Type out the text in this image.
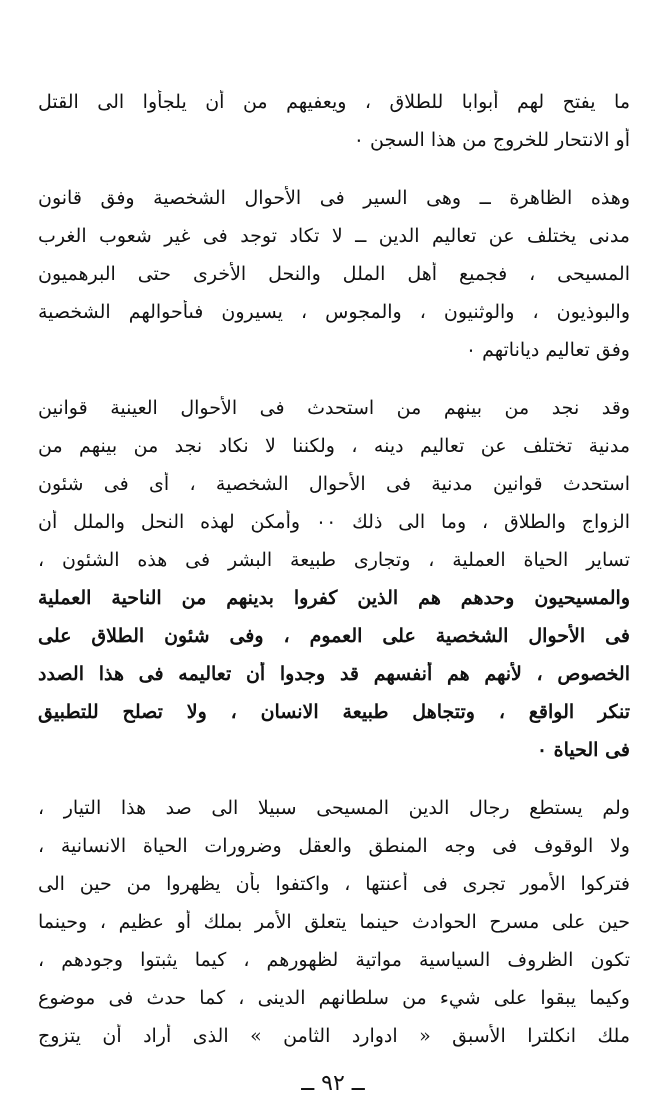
ما يفتح لهم أبوابا للطلاق ، ويعفيهم من أن يلجأوا الى القتل
أو الانتحار للخروج من هذا السجن ٠
وهذه الظاهرة ــ وهى السير فى الأحوال الشخصية وفق قانون
مدنى يختلف عن تعاليم الدين ــ لا تكاد توجد فى غير شعوب الغرب
المسيحى ، فجميع أهل الملل والنحل الأخرى حتى البرهميون
والبوذيون ، والوثنيون ، والمجوس ، يسيرون فىأحوالهم الشخصية
وفق تعاليم دياناتهم ٠
وقد نجد من بينهم من استحدث فى الأحوال العينية قوانين
مدنية تختلف عن تعاليم دينه ، ولكننا لا نكاد نجد من بينهم من
استحدث قوانين مدنية فى الأحوال الشخصية ، أى فى شئون
الزواج والطلاق ، وما الى ذلك ٠٠ وأمكن لهذه النحل والملل أن
تساير الحياة العملية ، وتجارى طبيعة البشر فى هذه الشئون ،
والمسيحيون وحدهم هم الذين كفروا بدينهم من الناحية العملية
فى الأحوال الشخصية على العموم ، وفى شئون الطلاق على
الخصوص ، لأنهم هم أنفسهم قد وجدوا أن تعاليمه فى هذا الصدد
تنكر الواقع ، وتتجاهل طبيعة الانسان ، ولا تصلح للتطبيق
فى الحياة ٠
ولم يستطع رجال الدين المسيحى سبيلا الى صد هذا التيار ،
ولا الوقوف فى وجه المنطق والعقل وضرورات الحياة الانسانية ،
فتركوا الأمور تجرى فى أعنتها ، واكتفوا بأن يظهروا من حين الى
حين على مسرح الحوادث حينما يتعلق الأمر بملك أو عظيم ، وحينما
تكون الظروف السياسية مواتية لظهورهم ، كيما يثبتوا وجودهم ،
وكيما يبقوا على شيء من سلطانهم الدينى ، كما حدث فى موضوع
ملك انكلترا الأسبق « ادوارد الثامن » الذى أراد أن يتزوج
ــ ٩٢ ــ
